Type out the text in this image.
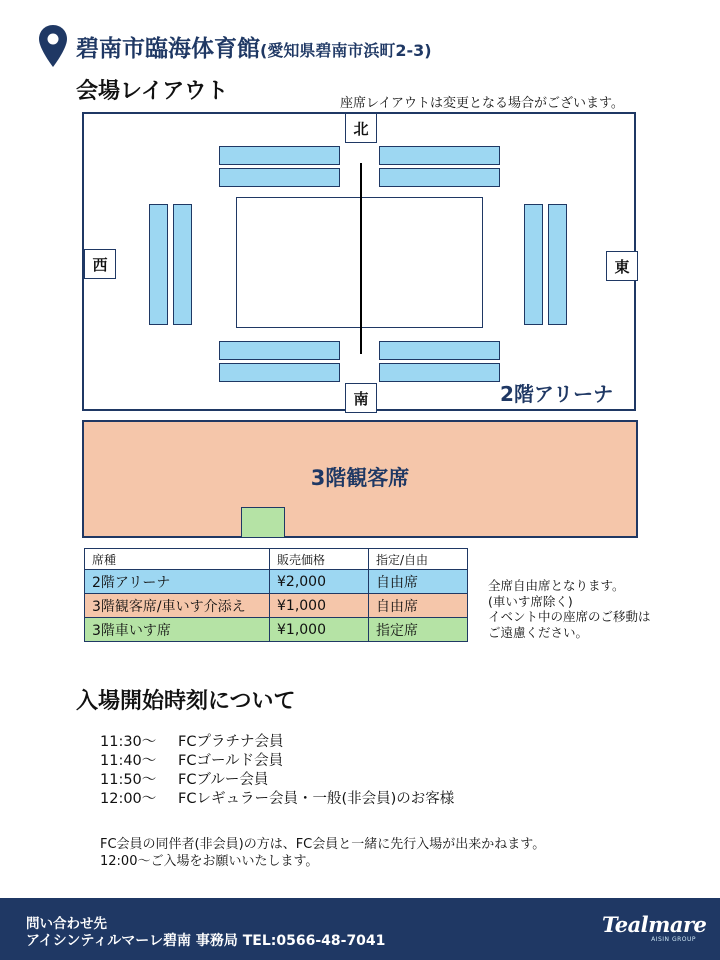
碧南市臨海体育館(愛知県碧南市浜町2-3)
会場レイアウト	座席レイアウトは変更となる場合がございます。
北
南
西	東
2階アリーナ
3階観客席
席種	販売価格	指定/自由
2階アリーナ	¥2,000	自由席
3階観客席/車いす介添え	¥1,000	自由席
3階車いす席	¥1,000	指定席
全席自由席となります。
(車いす席除く)
イベント中の座席のご移動は
ご遠慮ください。
入場開始時刻について
11:30〜 FCプラチナ会員
11:40〜 FCゴールド会員
11:50〜 FCブルー会員
12:00〜 FCレギュラー会員・一般(非会員)のお客様
FC会員の同伴者(非会員)の方は、FC会員と一緒に先行入場が出来かねます。
12:00〜ご入場をお願いいたします。
問い合わせ先
アイシンティルマーレ碧南 事務局 TEL:0566-48-7041
Tealmare
AISIN GROUP
